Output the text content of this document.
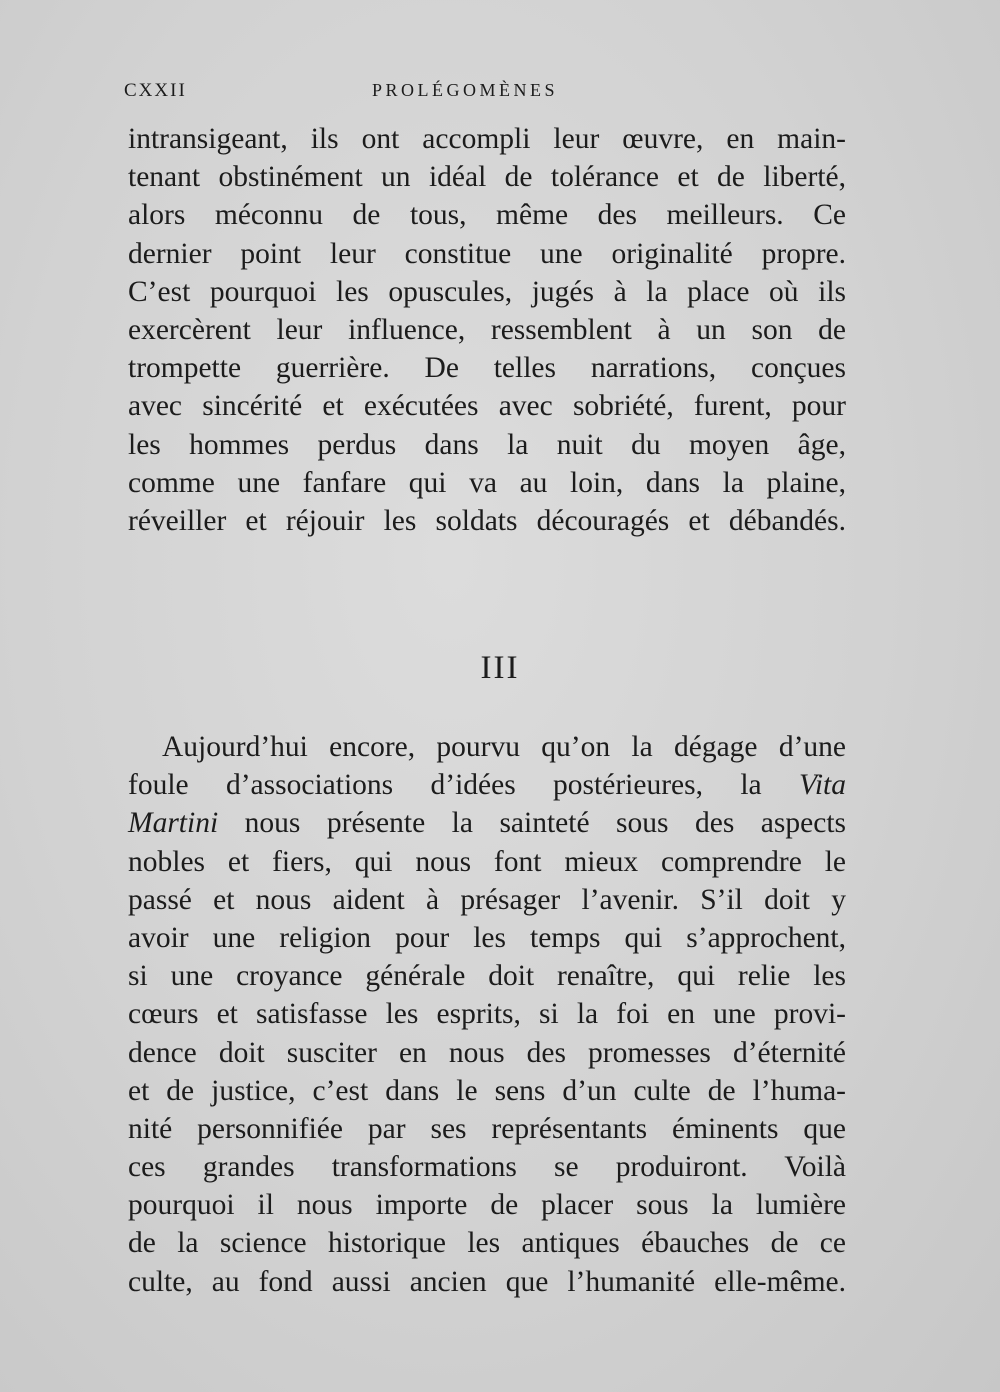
CXXII	PROLÉGOMÈNES
intransigeant, ils ont accompli leur œuvre, en main-
tenant obstinément un idéal de tolérance et de liberté,
alors méconnu de tous, même des meilleurs. Ce
dernier point leur constitue une originalité propre.
C’est pourquoi les opuscules, jugés à la place où ils
exercèrent leur influence, ressemblent à un son de
trompette guerrière. De telles narrations, conçues
avec sincérité et exécutées avec sobriété, furent, pour
les hommes perdus dans la nuit du moyen âge,
comme une fanfare qui va au loin, dans la plaine,
réveiller et réjouir les soldats découragés et débandés.
III
Aujourd’hui encore, pourvu qu’on la dégage d’une
foule d’associations d’idées postérieures, la Vita
Martini nous présente la sainteté sous des aspects
nobles et fiers, qui nous font mieux comprendre le
passé et nous aident à présager l’avenir. S’il doit y
avoir une religion pour les temps qui s’approchent,
si une croyance générale doit renaître, qui relie les
cœurs et satisfasse les esprits, si la foi en une provi-
dence doit susciter en nous des promesses d’éternité
et de justice, c’est dans le sens d’un culte de l’huma-
nité personnifiée par ses représentants éminents que
ces grandes transformations se produiront. Voilà
pourquoi il nous importe de placer sous la lumière
de la science historique les antiques ébauches de ce
culte, au fond aussi ancien que l’humanité elle-même.
